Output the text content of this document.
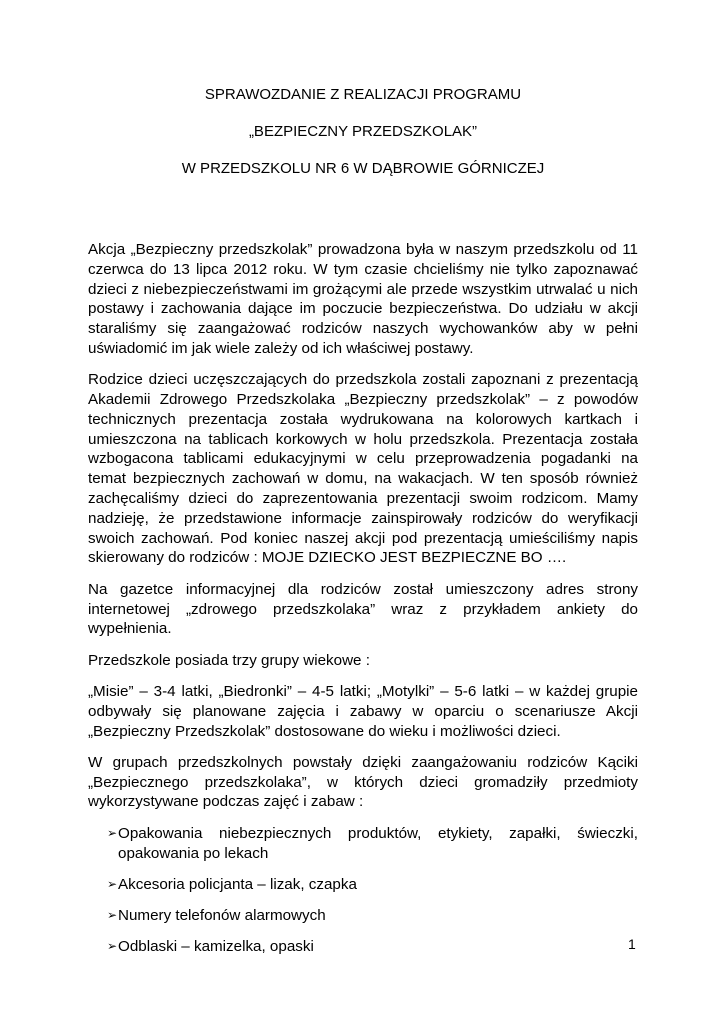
SPRAWOZDANIE Z REALIZACJI PROGRAMU

„BEZPIECZNY PRZEDSZKOLAK”

W PRZEDSZKOLU NR 6 W DĄBROWIE GÓRNICZEJ

Akcja „Bezpieczny przedszkolak” prowadzona była w naszym przedszkolu od 11 czerwca do 13 lipca 2012 roku. W tym czasie chcieliśmy nie tylko zapoznawać dzieci z niebezpieczeństwami im grożącymi ale przede wszystkim utrwalać u nich postawy i zachowania dające im poczucie bezpieczeństwa. Do udziału w akcji staraliśmy się zaangażować rodziców naszych wychowanków aby w pełni uświadomić im jak wiele zależy od ich właściwej postawy.

Rodzice dzieci uczęszczających do przedszkola zostali zapoznani z prezentacją Akademii Zdrowego Przedszkolaka „Bezpieczny przedszkolak” – z powodów technicznych prezentacja została wydrukowana na kolorowych kartkach i umieszczona na tablicach korkowych w holu przedszkola. Prezentacja została wzbogacona tablicami edukacyjnymi w celu przeprowadzenia pogadanki na temat bezpiecznych zachowań w domu, na wakacjach. W ten sposób również zachęcaliśmy dzieci do zaprezentowania prezentacji swoim rodzicom. Mamy nadzieję, że przedstawione informacje zainspirowały rodziców do weryfikacji swoich zachowań. Pod koniec naszej akcji pod prezentacją umieściliśmy napis skierowany do rodziców : MOJE DZIECKO JEST BEZPIECZNE BO ….

Na gazetce informacyjnej dla rodziców został umieszczony adres strony internetowej „zdrowego przedszkolaka” wraz z przykładem ankiety do wypełnienia.

Przedszkole posiada trzy grupy wiekowe :

„Misie” – 3-4 latki, „Biedronki” – 4-5 latki; „Motylki” – 5-6 latki – w każdej grupie odbywały się planowane zajęcia i zabawy w oparciu o scenariusze Akcji „Bezpieczny Przedszkolak” dostosowane do wieku i możliwości dzieci.

W grupach przedszkolnych powstały dzięki zaangażowaniu rodziców Kąciki „Bezpiecznego przedszkolaka”, w których dzieci gromadziły przedmioty wykorzystywane podczas zajęć i zabaw :

➢ Opakowania niebezpiecznych produktów, etykiety, zapałki, świeczki, opakowania po lekach
➢ Akcesoria policjanta – lizak, czapka
➢ Numery telefonów alarmowych
➢ Odblaski – kamizelka, opaski	1
